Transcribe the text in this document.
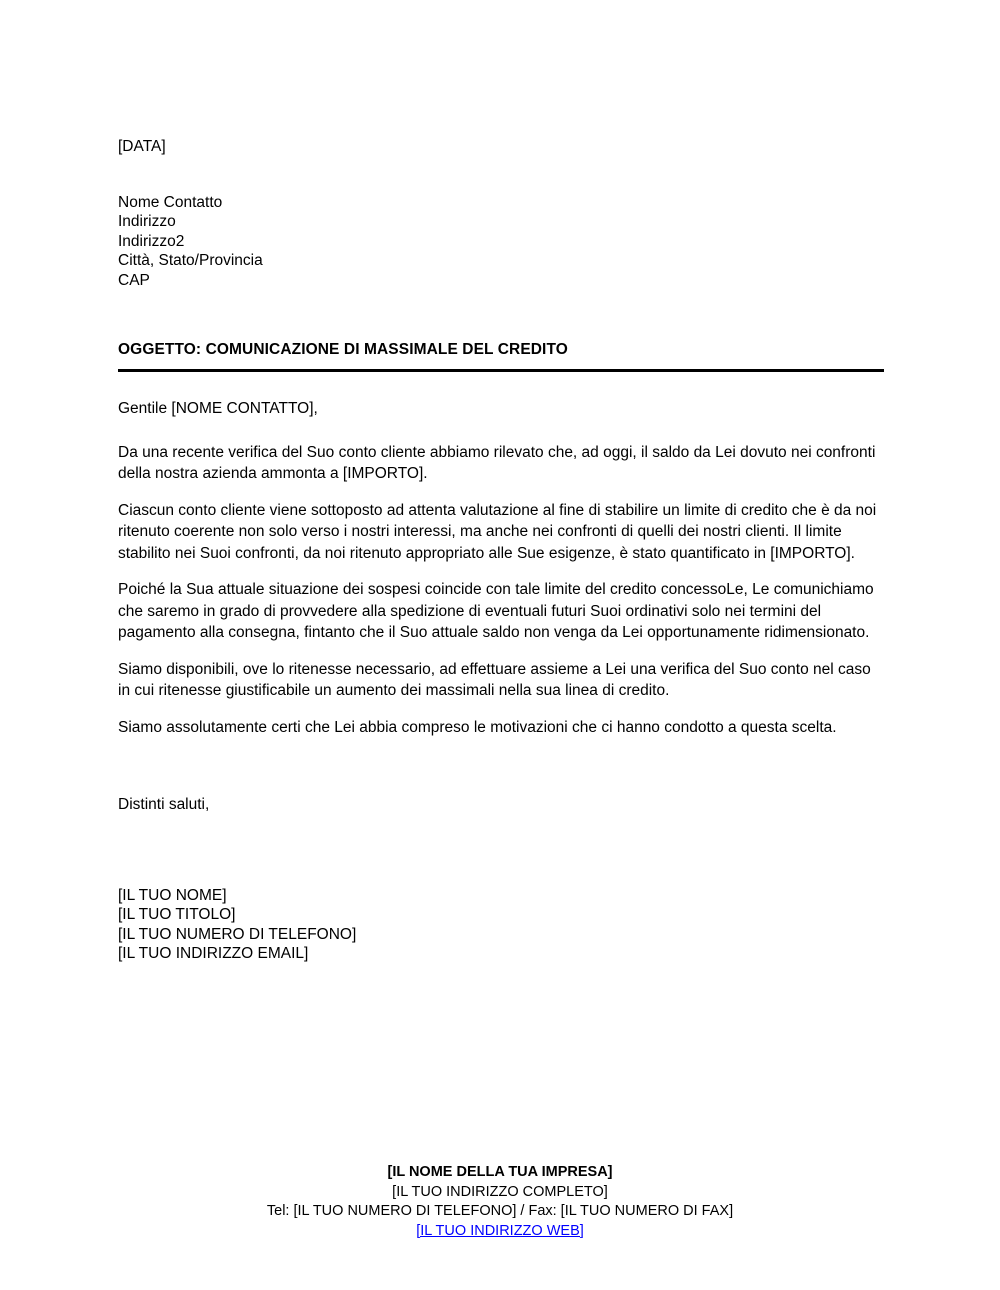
[DATA]
Nome Contatto
Indirizzo
Indirizzo2
Città, Stato/Provincia
CAP
OGGETTO: COMUNICAZIONE DI MASSIMALE DEL CREDITO

Gentile [NOME CONTATTO],

Da una recente verifica del Suo conto cliente abbiamo rilevato che, ad oggi, il saldo da Lei dovuto nei confronti della nostra azienda ammonta a [IMPORTO].

Ciascun conto cliente viene sottoposto ad attenta valutazione al fine di stabilire un limite di credito che è da noi ritenuto coerente non solo verso i nostri interessi, ma anche nei confronti di quelli dei nostri clienti. Il limite stabilito nei Suoi confronti, da noi ritenuto appropriato alle Sue esigenze, è stato quantificato in [IMPORTO].

Poiché la Sua attuale situazione dei sospesi coincide con tale limite del credito concessoLe, Le comunichiamo che saremo in grado di provvedere alla spedizione di eventuali futuri Suoi ordinativi solo nei termini del pagamento alla consegna, fintanto che il Suo attuale saldo non venga da Lei opportunamente ridimensionato.

Siamo disponibili, ove lo ritenesse necessario, ad effettuare assieme a Lei una verifica del Suo conto nel caso in cui ritenesse giustificabile un aumento dei massimali nella sua linea di credito.

Siamo assolutamente certi che Lei abbia compreso le motivazioni che ci hanno condotto a questa scelta.

Distinti saluti,
[IL TUO NOME]
[IL TUO TITOLO]
[IL TUO NUMERO DI TELEFONO]
[IL TUO INDIRIZZO EMAIL]
[IL NOME DELLA TUA IMPRESA]
[IL TUO INDIRIZZO COMPLETO]
Tel: [IL TUO NUMERO DI TELEFONO] / Fax: [IL TUO NUMERO DI FAX]
[IL TUO INDIRIZZO WEB]
